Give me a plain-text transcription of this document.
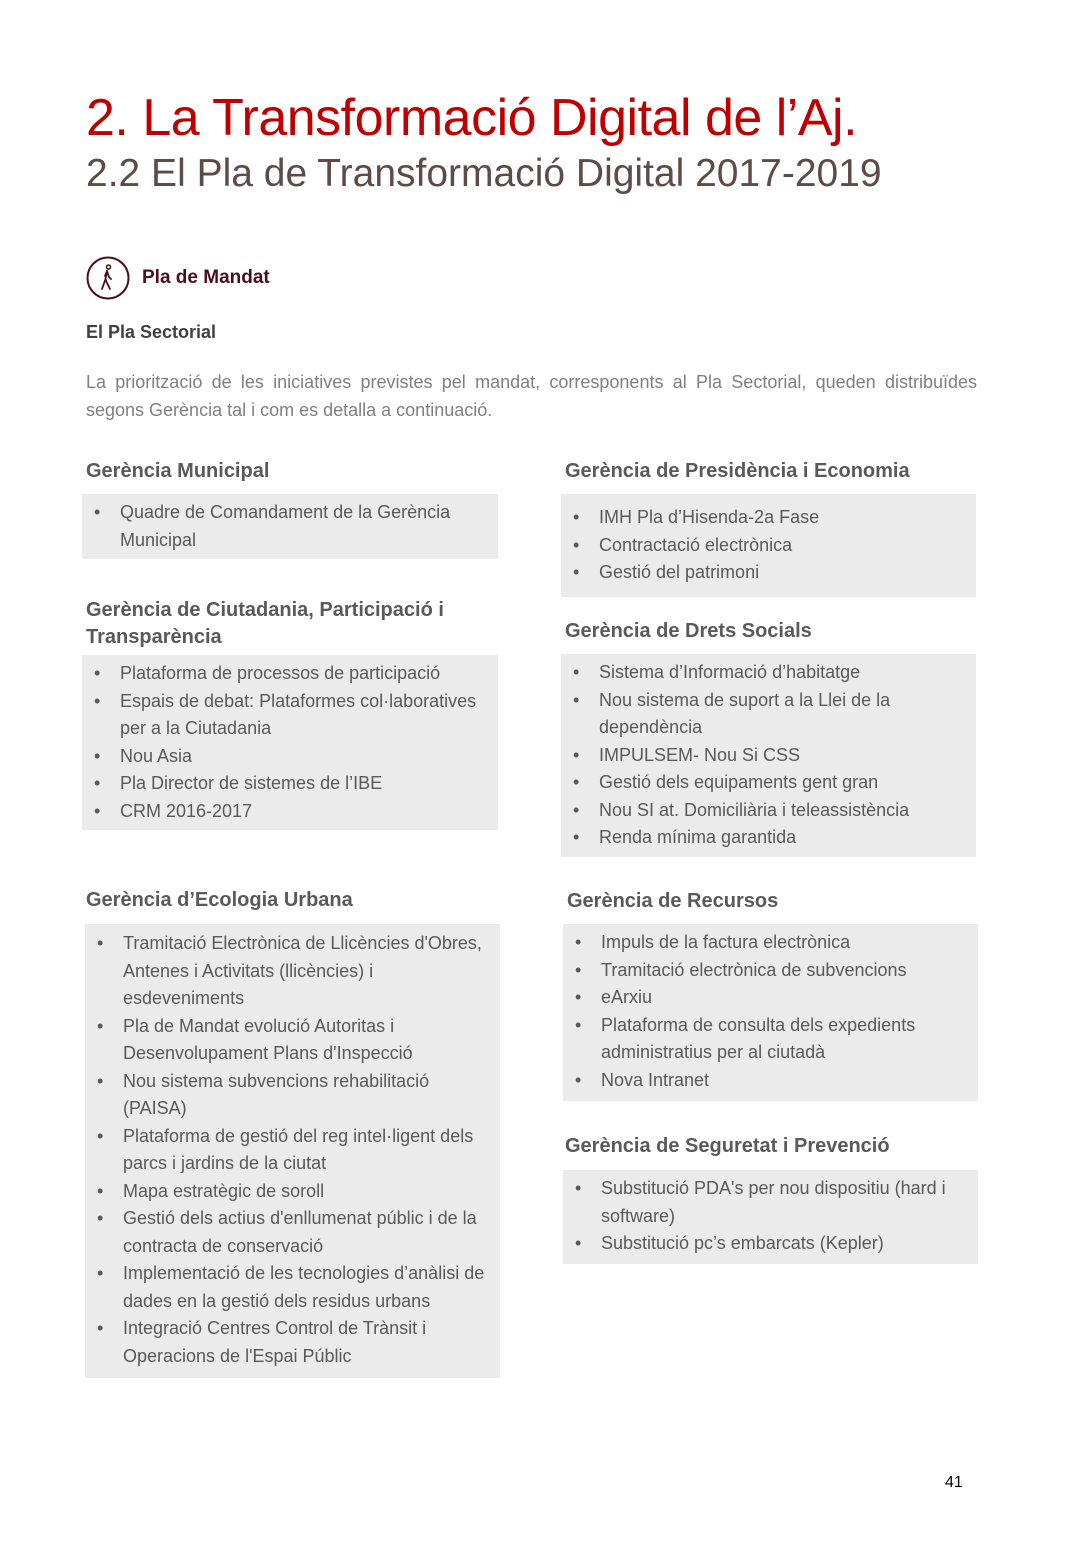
2. La Transformació Digital de l’Aj.
2.2 El Pla de Transformació Digital 2017-2019
Pla de Mandat
El Pla Sectorial
La priorització de les iniciatives previstes pel mandat, corresponents al Pla Sectorial, queden distribuïdes segons Gerència tal i com es detalla a continuació.
Gerència Municipal
• Quadre de Comandament de la Gerència Municipal
Gerència de Ciutadania, Participació i Transparència
• Plataforma de processos de participació
• Espais de debat: Plataformes col·laboratives per a la Ciutadania
• Nou Asia
• Pla Director de sistemes de l’IBE
• CRM 2016-2017
Gerència d’Ecologia Urbana
• Tramitació Electrònica de Llicències d'Obres, Antenes i Activitats (llicències) i esdeveniments
• Pla de Mandat evolució Autoritas i Desenvolupament Plans d'Inspecció
• Nou sistema subvencions rehabilitació (PAISA)
• Plataforma de gestió del reg intel·ligent dels parcs i jardins de la ciutat
• Mapa estratègic de soroll
• Gestió dels actius d'enllumenat públic i de la contracta de conservació
• Implementació de les tecnologies d’anàlisi de dades en la gestió dels residus urbans
• Integració Centres Control de Trànsit i Operacions de l'Espai Públic
Gerència de Presidència i Economia
• IMH Pla d’Hisenda-2a Fase
• Contractació electrònica
• Gestió del patrimoni
Gerència de Drets Socials
• Sistema d’Informació d’habitatge
• Nou sistema de suport a la Llei de la dependència
• IMPULSEM- Nou Si CSS
• Gestió dels equipaments gent gran
• Nou SI at. Domiciliària i teleassistència
• Renda mínima garantida
Gerència de Recursos
• Impuls de la factura electrònica
• Tramitació electrònica de subvencions
• eArxiu
• Plataforma de consulta dels expedients administratius per al ciutadà
• Nova Intranet
Gerència de Seguretat i Prevenció
• Substitució PDA's per nou dispositiu (hard i software)
• Substitució pc’s embarcats (Kepler)
41
